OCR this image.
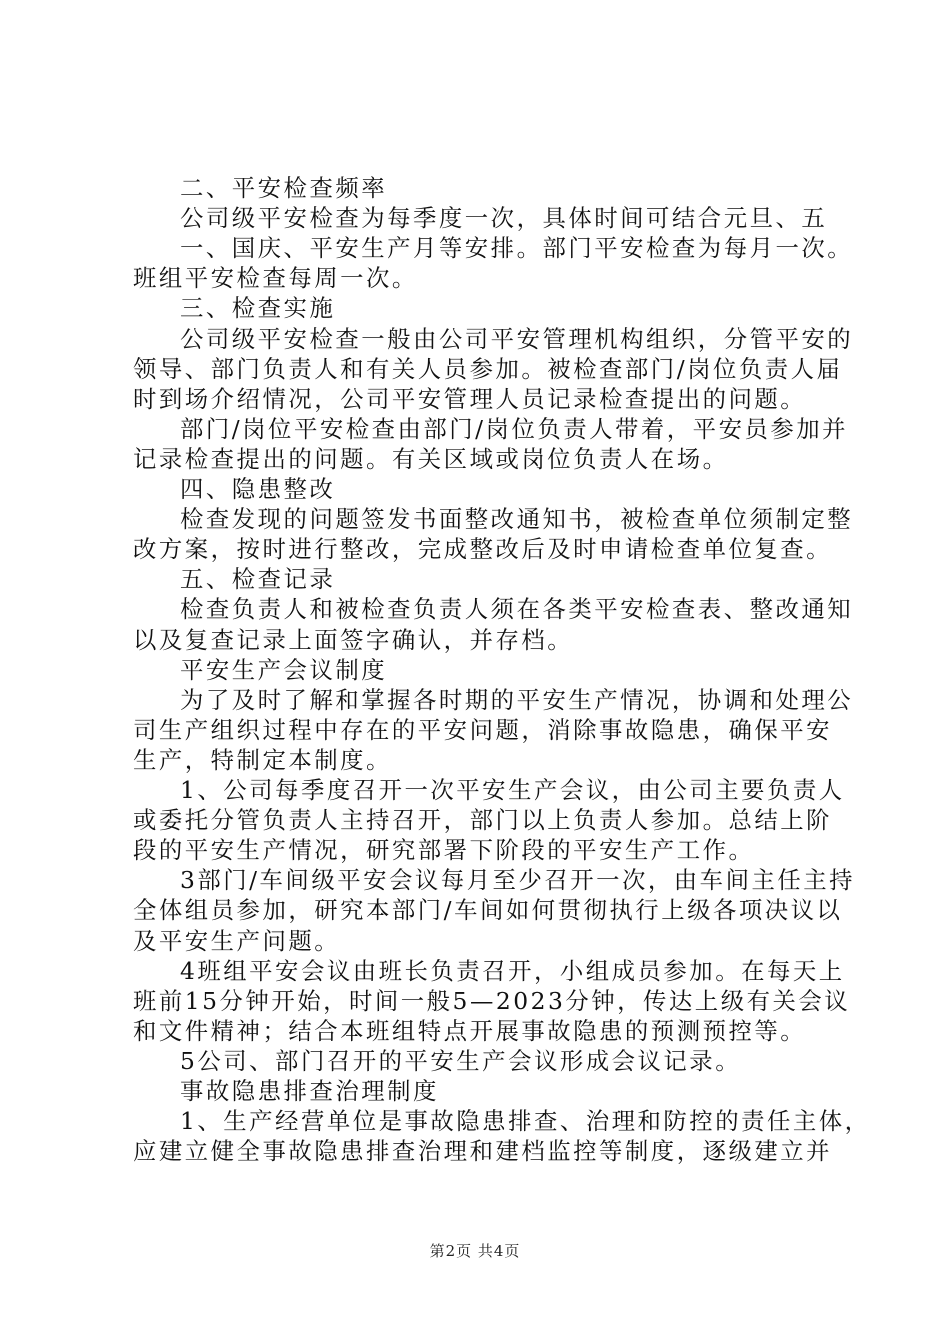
二、平安检查频率
公司级平安检查为每季度一次，具体时间可结合元旦、五
一、国庆、平安生产月等安排。部门平安检查为每月一次。
班组平安检查每周一次。
三、检查实施
公司级平安检查一般由公司平安管理机构组织，分管平安的
领导、部门负责人和有关人员参加。被检查部门/岗位负责人届
时到场介绍情况，公司平安管理人员记录检查提出的问题。
部门/岗位平安检查由部门/岗位负责人带着，平安员参加并
记录检查提出的问题。有关区域或岗位负责人在场。
四、隐患整改
检查发现的问题签发书面整改通知书，被检查单位须制定整
改方案，按时进行整改，完成整改后及时申请检查单位复查。
五、检查记录
检查负责人和被检查负责人须在各类平安检查表、整改通知
以及复查记录上面签字确认，并存档。
平安生产会议制度
为了及时了解和掌握各时期的平安生产情况，协调和处理公
司生产组织过程中存在的平安问题，消除事故隐患，确保平安
生产，特制定本制度。
1、公司每季度召开一次平安生产会议，由公司主要负责人
或委托分管负责人主持召开，部门以上负责人参加。总结上阶
段的平安生产情况，研究部署下阶段的平安生产工作。
3部门/车间级平安会议每月至少召开一次，由车间主任主持
全体组员参加，研究本部门/车间如何贯彻执行上级各项决议以
及平安生产问题。
4班组平安会议由班长负责召开，小组成员参加。在每天上
班前15分钟开始，时间一般5—2023分钟，传达上级有关会议
和文件精神；结合本班组特点开展事故隐患的预测预控等。
5公司、部门召开的平安生产会议形成会议记录。
事故隐患排查治理制度
1、生产经营单位是事故隐患排查、治理和防控的责任主体，
应建立健全事故隐患排查治理和建档监控等制度，逐级建立并
第2页 共4页
